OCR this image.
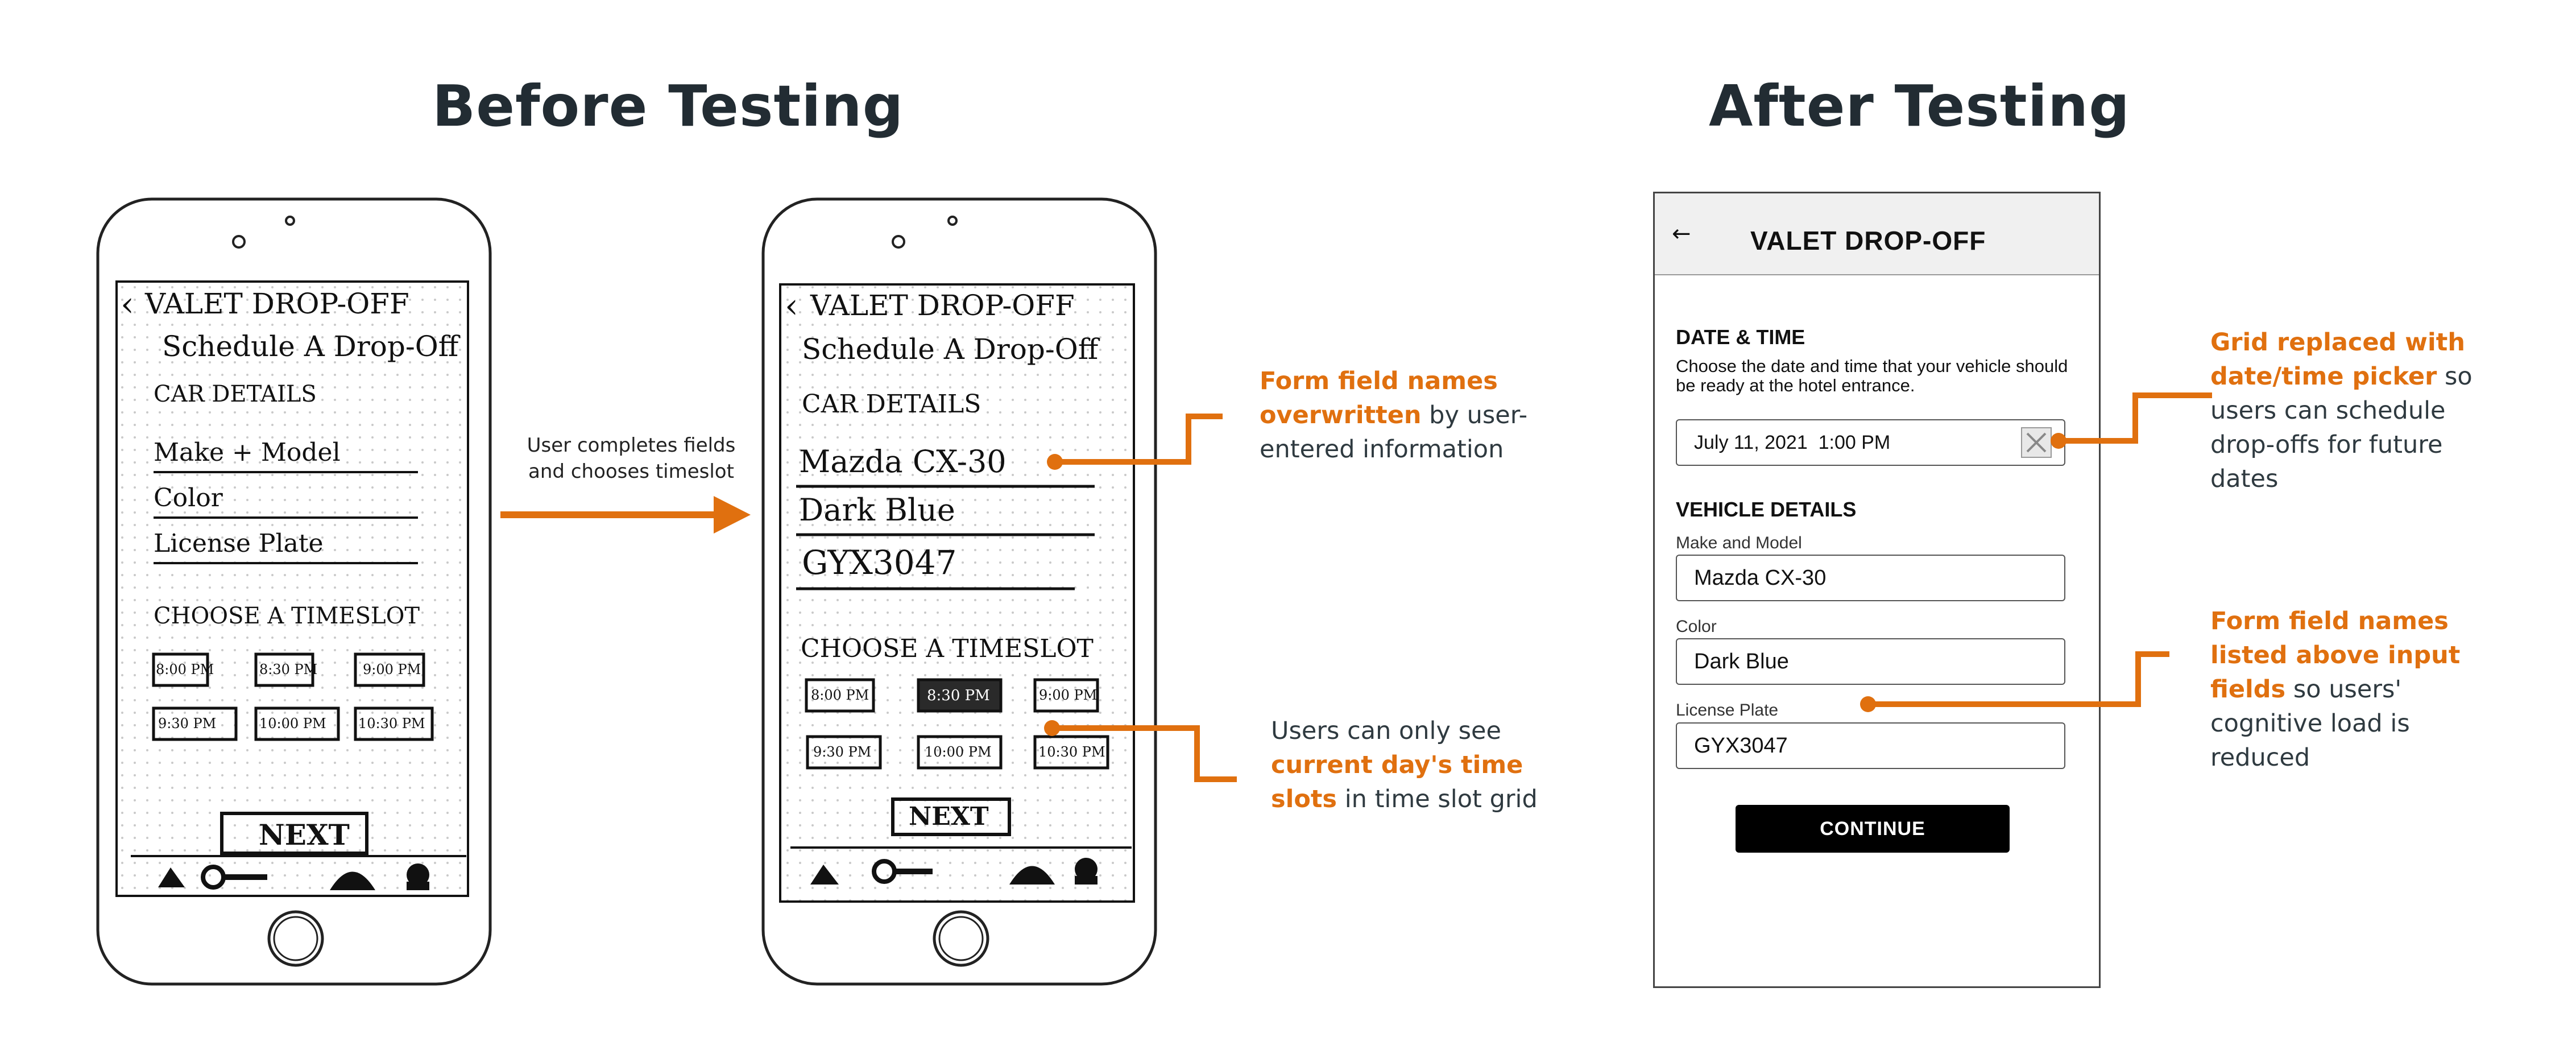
Before Testing	After Testing
‹ VALET DROP-OFF
Schedule A Drop-Off
CAR DETAILS
Make + Model
Color
License Plate
CHOOSE A TIMESLOT
8:00 PM	8:30 PM	9:00 PM
9:30 PM	10:00 PM 10:30 PM
NEXT
User completes fields
and chooses timeslot
‹ VALET DROP-OFF
Schedule A Drop-Off
CAR DETAILS
Mazda CX-30
Dark Blue
GYX3047
CHOOSE A TIMESLOT
8:00 PM	8:30 PM	9:00 PM
9:30 PM	10:00 PM	10:30 PM
NEXT
Form field names overwritten by user-entered information
Users can only see current day's time slots in time slot grid
← VALET DROP-OFF
DATE & TIME
Choose the date and time that your vehicle should be ready at the hotel entrance.
July 11, 2021  1:00 PM
VEHICLE DETAILS
Make and Model
Mazda CX-30
Color
Dark Blue
License Plate
GYX3047
CONTINUE
Grid replaced with date/time picker so users can schedule drop-offs for future dates
Form field names listed above input fields so users' cognitive load is reduced
